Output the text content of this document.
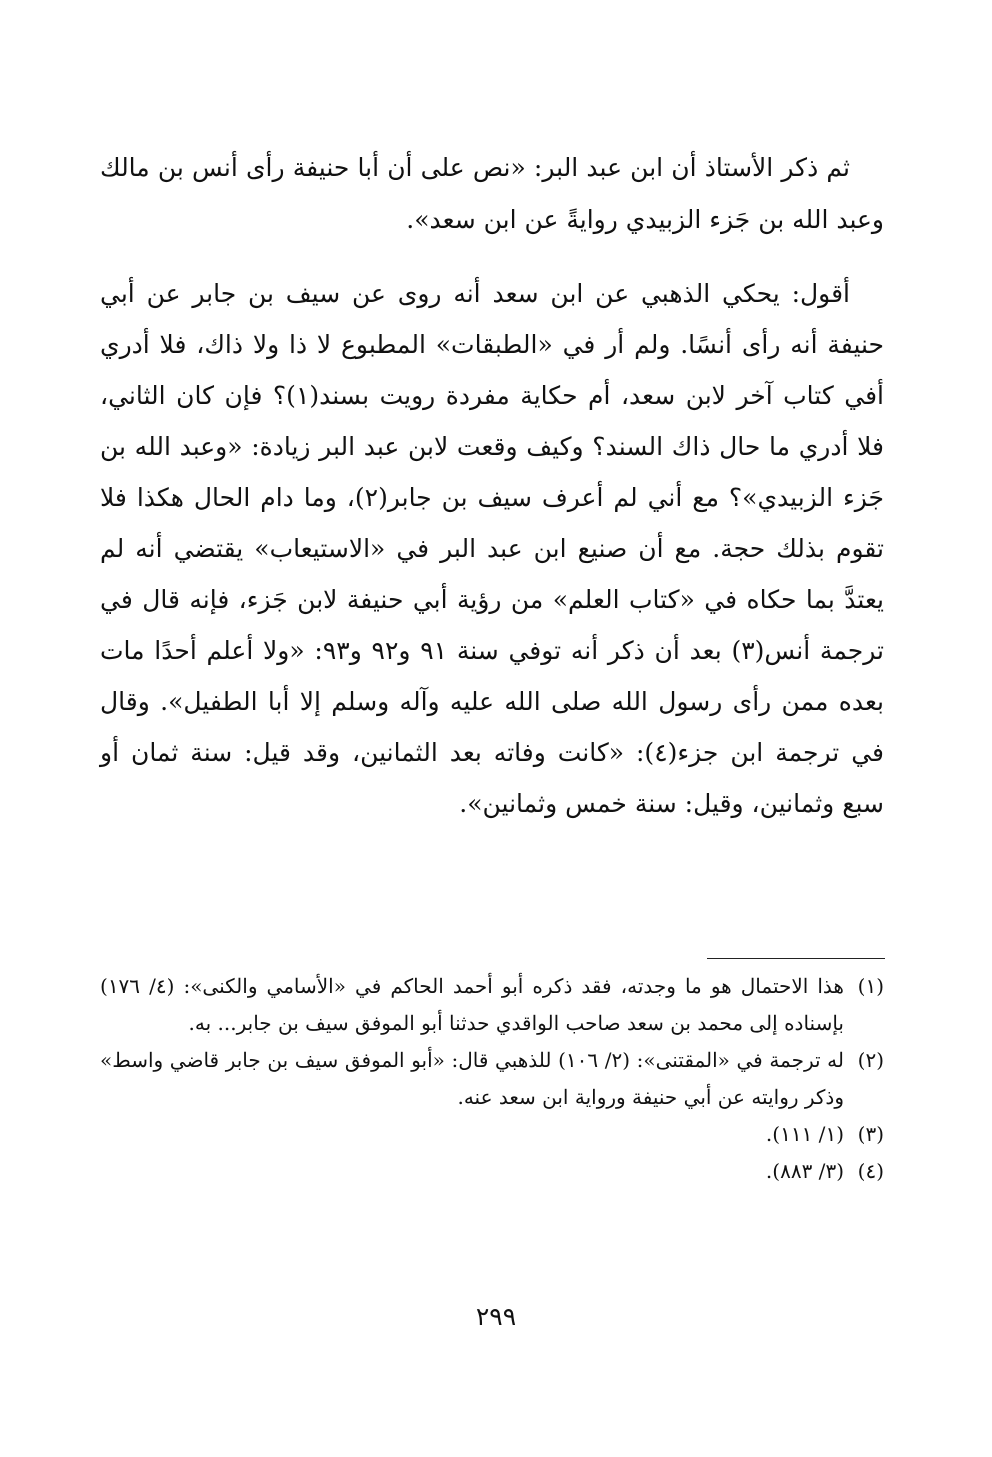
ثم ذكر الأستاذ أن ابن عبد البر: «نص على أن أبا حنيفة رأى أنس بن مالك وعبد الله بن جَزء الزبيدي روايةً عن ابن سعد».

أقول: يحكي الذهبي عن ابن سعد أنه روى عن سيف بن جابر عن أبي حنيفة أنه رأى أنسًا. ولم أر في «الطبقات» المطبوع لا ذا ولا ذاك، فلا أدري أفي كتاب آخر لابن سعد، أم حكاية مفردة رويت بسند(١)؟ فإن كان الثاني، فلا أدري ما حال ذاك السند؟ وكيف وقعت لابن عبد البر زيادة: «وعبد الله بن جَزء الزبيدي»؟ مع أني لم أعرف سيف بن جابر(٢)، وما دام الحال هكذا فلا تقوم بذلك حجة. مع أن صنيع ابن عبد البر في «الاستيعاب» يقتضي أنه لم يعتدَّ بما حكاه في «كتاب العلم» من رؤية أبي حنيفة لابن جَزء، فإنه قال في ترجمة أنس(٣) بعد أن ذكر أنه توفي سنة ٩١ و٩٢ و٩٣: «ولا أعلم أحدًا مات بعده ممن رأى رسول الله صلى الله عليه وآله وسلم إلا أبا الطفيل». وقال في ترجمة ابن جزء(٤): «كانت وفاته بعد الثمانين، وقد قيل: سنة ثمان أو سبع وثمانين، وقيل: سنة خمس وثمانين».

(١)
هذا الاحتمال هو ما وجدته، فقد ذكره أبو أحمد الحاكم في «الأسامي والكنى»: (٤/ ١٧٦) بإسناده إلى محمد بن سعد صاحب الواقدي حدثنا أبو الموفق سيف بن جابر... به.
(٢)
له ترجمة في «المقتنى»: (٢/ ١٠٦) للذهبي قال: «أبو الموفق سيف بن جابر قاضي واسط» وذكر روايته عن أبي حنيفة ورواية ابن سعد عنه.
(٣)
(١/ ١١١).
(٤)
(٣/ ٨٨٣).
٢٩٩
